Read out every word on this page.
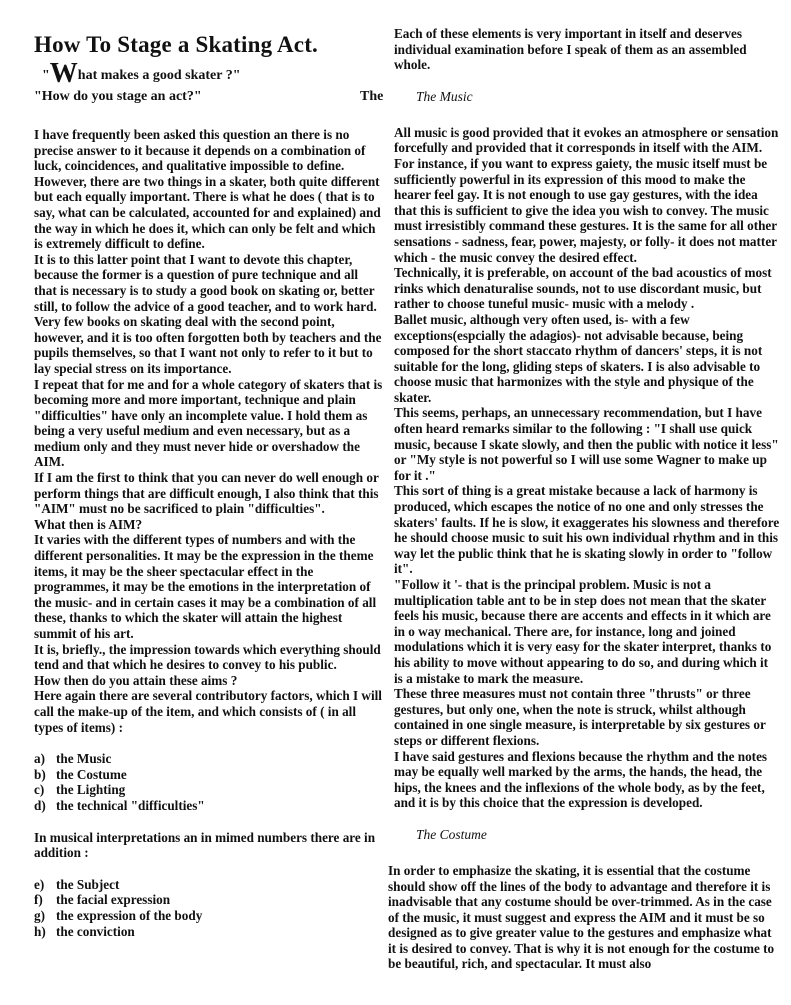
How To Stage a Skating Act.
"What makes a good skater ?"
"How do you stage an act?"	The

I have frequently been asked this question an there is no precise answer to it because it depends on a combination of luck, coincidences, and qualitative impossible to define. However, there are two things in a skater, both quite different but each equally important. There is what he does ( that is to say, what can be calculated, accounted for and explained) and the way in which he does it, which can only be felt and which is extremely difficult to define.

It is to this latter point that I want to devote this chapter, because the former is a question of pure technique and all that is necessary is to study a good book on skating or, better still, to follow the advice of a good teacher, and to work hard.

Very few books on skating deal with the second point, however, and it is too often forgotten both by teachers and the pupils themselves, so that I want not only to refer to it but to lay special stress on its importance.

I repeat that for me and for a whole category of skaters that is becoming more and more important, technique and plain "difficulties" have only an incomplete value. I hold them as being a very useful medium and even necessary, but as a medium only and they must never hide or overshadow the AIM.

If I am the first to think that you can never do well enough or perform things that are difficult enough, I also think that this "AIM" must no be sacrificed to plain "difficulties".

What then is AIM?

It varies with the different types of numbers and with the different personalities. It may be the expression in the theme items, it may be the sheer spectacular effect in the programmes, it may be the emotions in the interpretation of the music- and in certain cases it may be a combination of all these, thanks to which the skater will attain the highest summit of his art.

It is, briefly., the impression towards which everything should tend and that which he desires to convey to his public.

How then do you attain these aims ?

Here again there are several contributory factors, which I will call the make-up of the item, and which consists of ( in all types of items) :

a) the Music
b) the Costume
c) the Lighting
d) the technical "difficulties"

In musical interpretations an in mimed numbers there are in addition :

e) the Subject
f)	the facial expression
g) the expression of the body
h) the conviction

Each of these elements is very important in itself and deserves individual examination before I speak of them as an assembled whole.

The Music

All music is good provided that it evokes an atmosphere or sensation forcefully and provided that it corresponds in itself with the AIM. For instance, if you want to express gaiety, the music itself must be sufficiently powerful in its expression of this mood to make the hearer feel gay. It is not enough to use gay gestures, with the idea that this is sufficient to give the idea you wish to convey. The music must irresistibly command these gestures. It is the same for all other sensations - sadness, fear, power, majesty, or folly- it does not matter which - the music convey the desired effect.

Technically, it is preferable, on account of the bad acoustics of most rinks which denaturalise sounds, not to use discordant music, but rather to choose tuneful music- music with a melody .

Ballet music, although very often used, is- with a few exceptions(espcially the adagios)- not advisable because, being composed for the short staccato rhythm of dancers' steps, it is not suitable for the long, gliding steps of skaters. I is also advisable to choose music that harmonizes with the style and physique of the skater.

This seems, perhaps, an unnecessary recommendation, but I have often heard remarks similar to the following : "I shall use quick music, because I skate slowly, and then the public with notice it less" or "My style is not powerful so I will use some Wagner to make up for it ."

This sort of thing is a great mistake because a lack of harmony is produced, which escapes the notice of no one and only stresses the skaters' faults. If he is slow, it exaggerates his slowness and therefore he should choose music to suit his own individual rhythm and in this way let the public think that he is skating slowly in order to "follow it".

"Follow it '- that is the principal problem. Music is not a multiplication table ant to be in step does not mean that the skater feels his music, because there are accents and effects in it which are in o way mechanical. There are, for instance, long and joined modulations which it is very easy for the skater interpret, thanks to his ability to move without appearing to do so, and during which it is a mistake to mark the measure.

These three measures must not contain three "thrusts" or three gestures, but only one, when the note is struck, whilst although contained in one single measure, is interpretable by six gestures or steps or different flexions.

I have said gestures and flexions because the rhythm and the notes may be equally well marked by the arms, the hands, the head, the hips, the knees and the inflexions of the whole body, as by the feet, and it is by this choice that the expression is developed.

The Costume

In order to emphasize the skating, it is essential that the costume should show off the lines of the body to advantage and therefore it is inadvisable that any costume should be over-trimmed. As in the case of the music, it must suggest and express the AIM and it must be so designed as to give greater value to the gestures and emphasize what it is desired to convey. That is why it is not enough for the costume to be beautiful, rich, and spectacular. It must also
